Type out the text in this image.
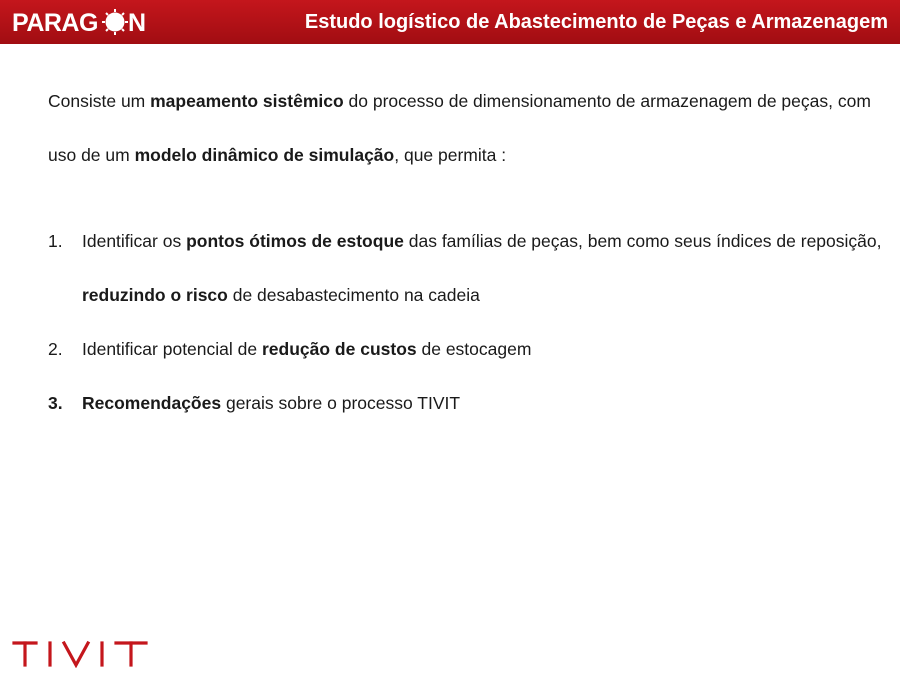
PARAG N	Estudo logístico de Abastecimento de Peças e Armazenagem

Consiste um mapeamento sistêmico do processo de dimensionamento de armazenagem de peças, com uso de um modelo dinâmico de simulação, que permita :

1. Identificar os pontos ótimos de estoque das famílias de peças, bem como seus índices de reposição, reduzindo o risco de desabastecimento na cadeia
2. Identificar potencial de redução de custos de estocagem
3. Recomendações gerais sobre o processo TIVIT
